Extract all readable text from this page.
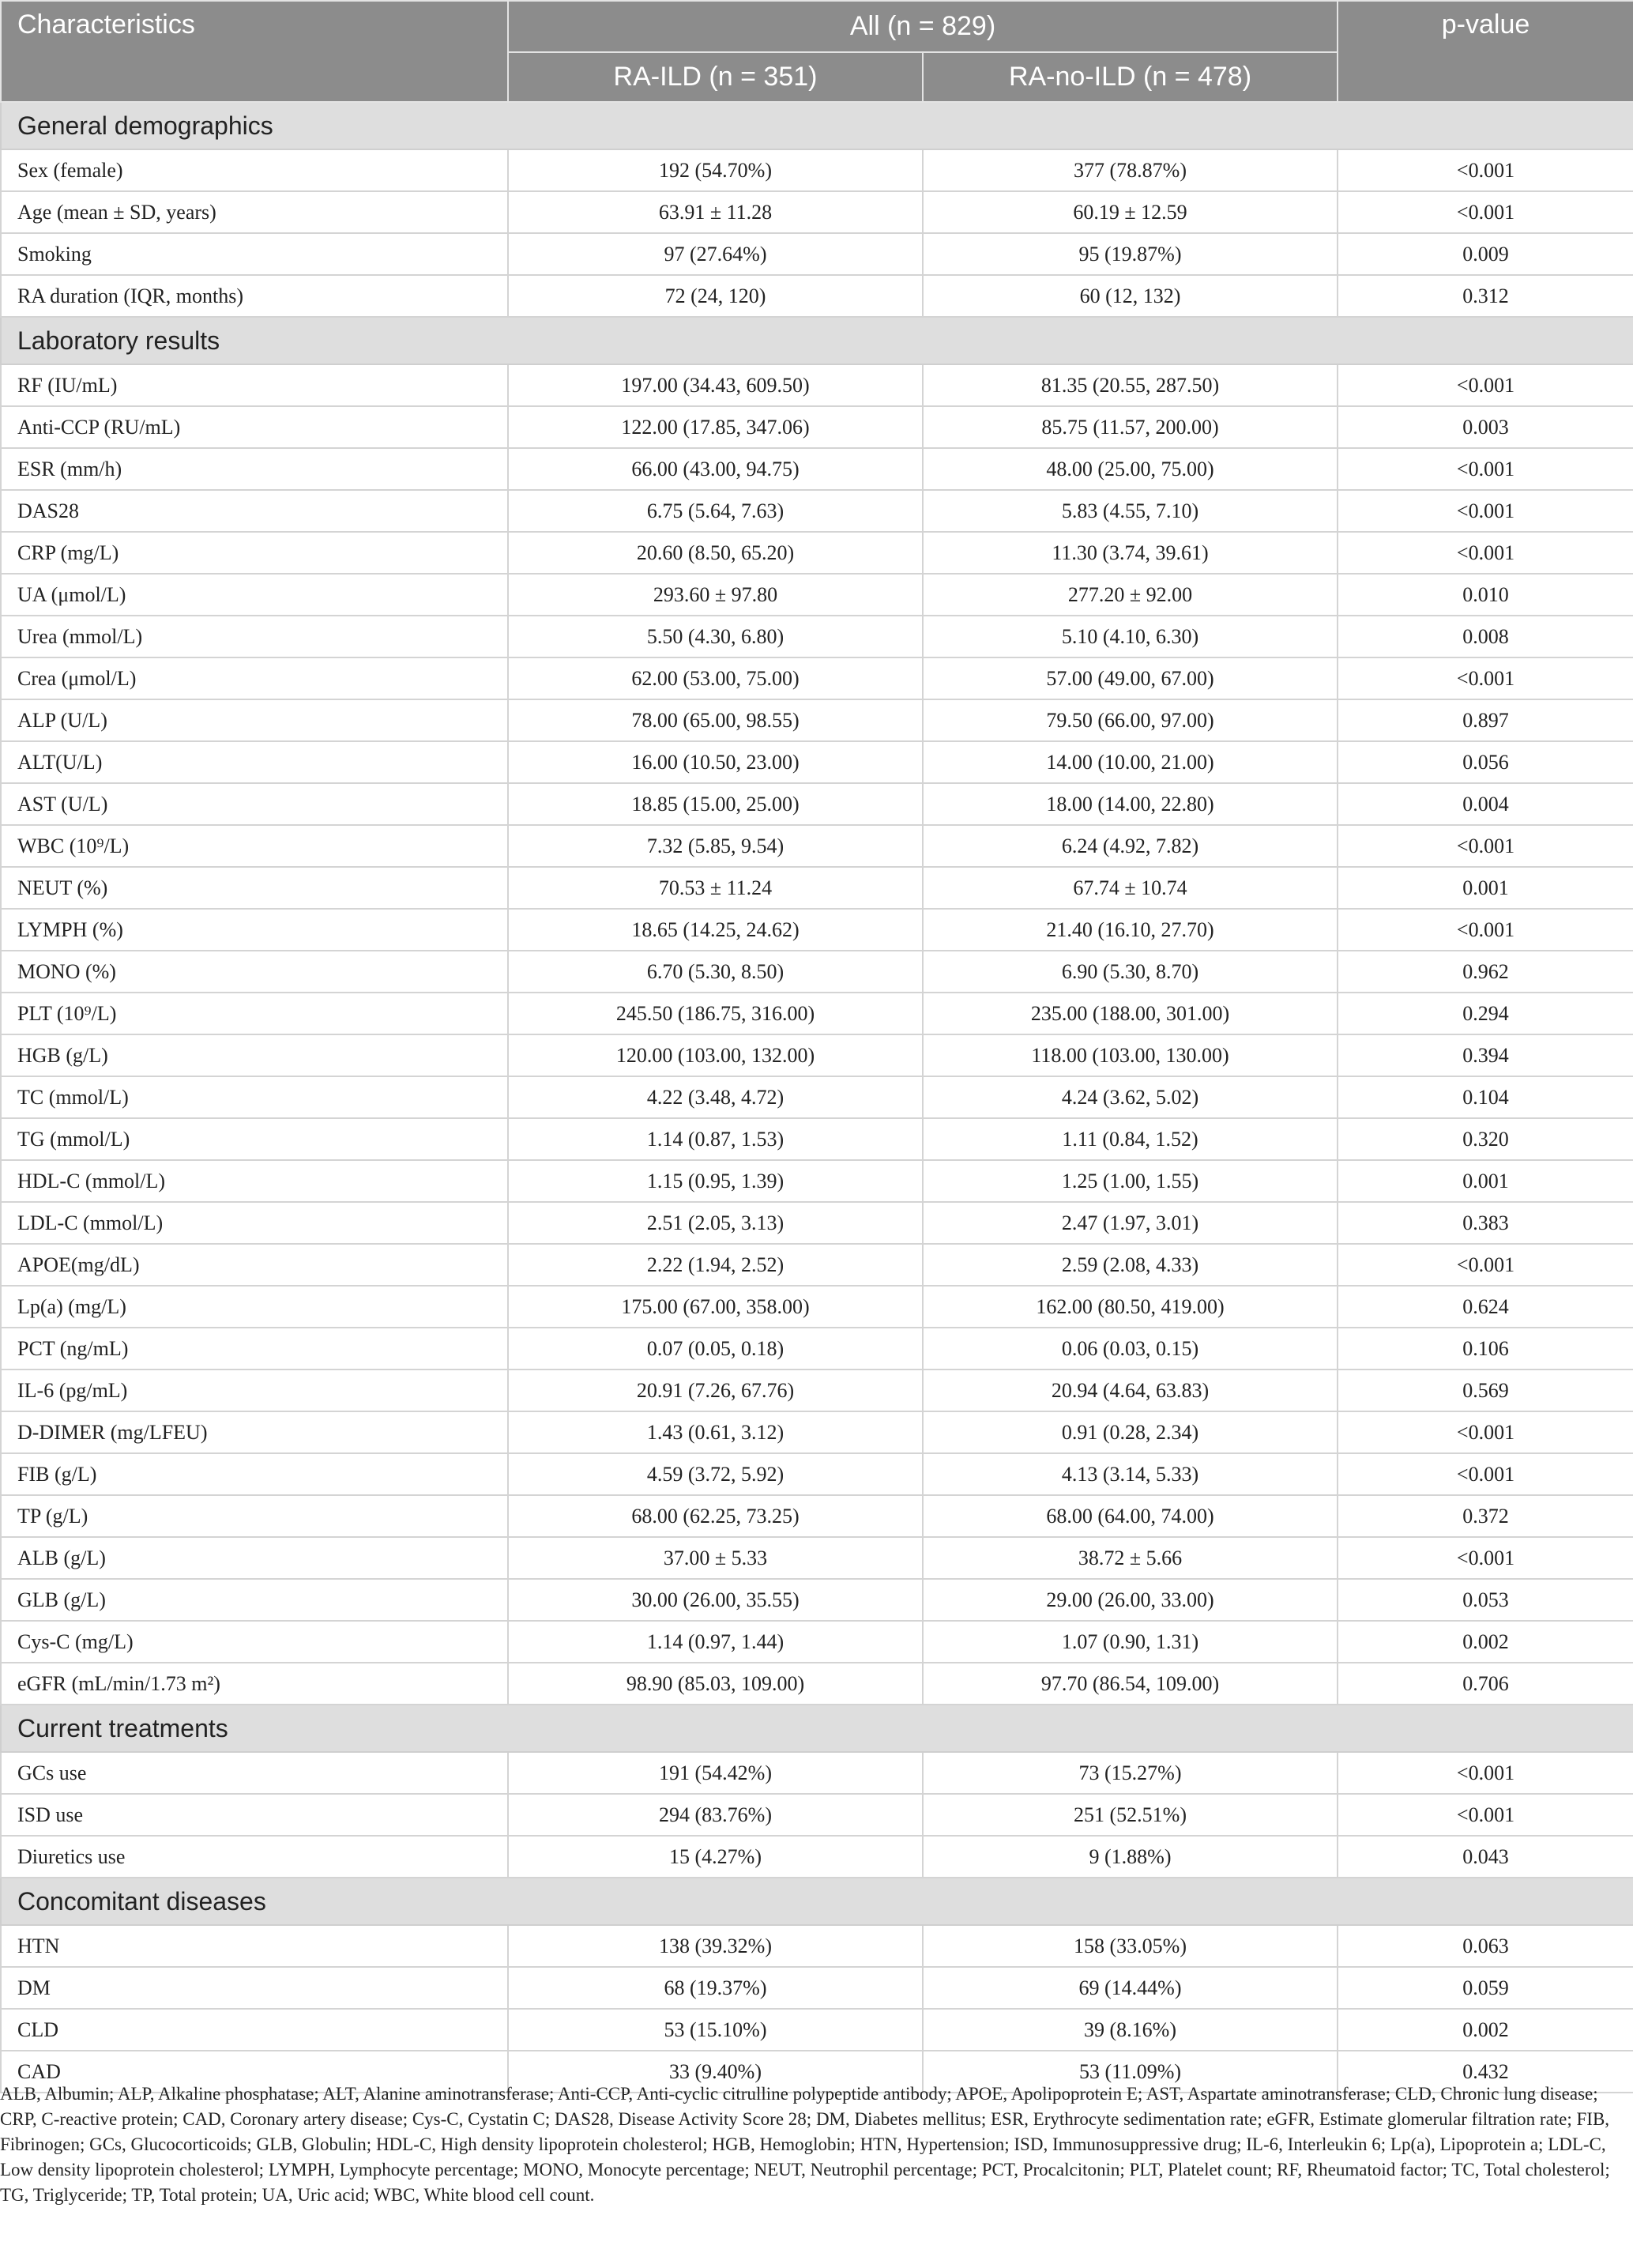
Characteristics	All (n = 829)		p-value
	RA-ILD (n = 351)	RA-no-ILD (n = 478)	
General demographics			
Sex (female)	192 (54.70%)	377 (78.87%)	<0.001
Age (mean ± SD, years)	63.91 ± 11.28	60.19 ± 12.59	<0.001
Smoking	97 (27.64%)	95 (19.87%)	0.009
RA duration (IQR, months)	72 (24, 120)	60 (12, 132)	0.312
Laboratory results			
RF (IU/mL)	197.00 (34.43, 609.50)	81.35 (20.55, 287.50)	<0.001
Anti-CCP (RU/mL)	122.00 (17.85, 347.06)	85.75 (11.57, 200.00)	0.003
ESR (mm/h)	66.00 (43.00, 94.75)	48.00 (25.00, 75.00)	<0.001
DAS28	6.75 (5.64, 7.63)	5.83 (4.55, 7.10)	<0.001
CRP (mg/L)	20.60 (8.50, 65.20)	11.30 (3.74, 39.61)	<0.001
UA (μmol/L)	293.60 ± 97.80	277.20 ± 92.00	0.010
Urea (mmol/L)	5.50 (4.30, 6.80)	5.10 (4.10, 6.30)	0.008
Crea (μmol/L)	62.00 (53.00, 75.00)	57.00 (49.00, 67.00)	<0.001
ALP (U/L)	78.00 (65.00, 98.55)	79.50 (66.00, 97.00)	0.897
ALT(U/L)	16.00 (10.50, 23.00)	14.00 (10.00, 21.00)	0.056
AST (U/L)	18.85 (15.00, 25.00)	18.00 (14.00, 22.80)	0.004
WBC (10⁹/L)	7.32 (5.85, 9.54)	6.24 (4.92, 7.82)	<0.001
NEUT (%)	70.53 ± 11.24	67.74 ± 10.74	0.001
LYMPH (%)	18.65 (14.25, 24.62)	21.40 (16.10, 27.70)	<0.001
MONO (%)	6.70 (5.30, 8.50)	6.90 (5.30, 8.70)	0.962
PLT (10⁹/L)	245.50 (186.75, 316.00)	235.00 (188.00, 301.00)	0.294
HGB (g/L)	120.00 (103.00, 132.00)	118.00 (103.00, 130.00)	0.394
TC (mmol/L)	4.22 (3.48, 4.72)	4.24 (3.62, 5.02)	0.104
TG (mmol/L)	1.14 (0.87, 1.53)	1.11 (0.84, 1.52)	0.320
HDL-C (mmol/L)	1.15 (0.95, 1.39)	1.25 (1.00, 1.55)	0.001
LDL-C (mmol/L)	2.51 (2.05, 3.13)	2.47 (1.97, 3.01)	0.383
APOE(mg/dL)	2.22 (1.94, 2.52)	2.59 (2.08, 4.33)	<0.001
Lp(a) (mg/L)	175.00 (67.00, 358.00)	162.00 (80.50, 419.00)	0.624
PCT (ng/mL)	0.07 (0.05, 0.18)	0.06 (0.03, 0.15)	0.106
IL-6 (pg/mL)	20.91 (7.26, 67.76)	20.94 (4.64, 63.83)	0.569
D-DIMER (mg/LFEU)	1.43 (0.61, 3.12)	0.91 (0.28, 2.34)	<0.001
FIB (g/L)	4.59 (3.72, 5.92)	4.13 (3.14, 5.33)	<0.001
TP (g/L)	68.00 (62.25, 73.25)	68.00 (64.00, 74.00)	0.372
ALB (g/L)	37.00 ± 5.33	38.72 ± 5.66	<0.001
GLB (g/L)	30.00 (26.00, 35.55)	29.00 (26.00, 33.00)	0.053
Cys-C (mg/L)	1.14 (0.97, 1.44)	1.07 (0.90, 1.31)	0.002
eGFR (mL/min/1.73 m²)	98.90 (85.03, 109.00)	97.70 (86.54, 109.00)	0.706
Current treatments			
GCs use	191 (54.42%)	73 (15.27%)	<0.001
ISD use	294 (83.76%)	251 (52.51%)	<0.001
Diuretics use	15 (4.27%)	9 (1.88%)	0.043
Concomitant diseases			
HTN	138 (39.32%)	158 (33.05%)	0.063
DM	68 (19.37%)	69 (14.44%)	0.059
CLD	53 (15.10%)	39 (8.16%)	0.002
CAD	33 (9.40%)	53 (11.09%)	0.432

ALB, Albumin; ALP, Alkaline phosphatase; ALT, Alanine aminotransferase; Anti-CCP, Anti-cyclic citrulline polypeptide antibody; APOE, Apolipoprotein E; AST, Aspartate aminotransferase; CLD, Chronic lung disease; CRP, C-reactive protein; CAD, Coronary artery disease; Cys-C, Cystatin C; DAS28, Disease Activity Score 28; DM, Diabetes mellitus; ESR, Erythrocyte sedimentation rate; eGFR, Estimate glomerular filtration rate; FIB, Fibrinogen; GCs, Glucocorticoids; GLB, Globulin; HDL-C, High density lipoprotein cholesterol; HGB, Hemoglobin; HTN, Hypertension; ISD, Immunosuppressive drug; IL-6, Interleukin 6; Lp(a), Lipoprotein a; LDL-C, Low density lipoprotein cholesterol; LYMPH, Lymphocyte percentage; MONO, Monocyte percentage; NEUT, Neutrophil percentage; PCT, Procalcitonin; PLT, Platelet count; RF, Rheumatoid factor; TC, Total cholesterol; TG, Triglyceride; TP, Total protein; UA, Uric acid; WBC, White blood cell count.
